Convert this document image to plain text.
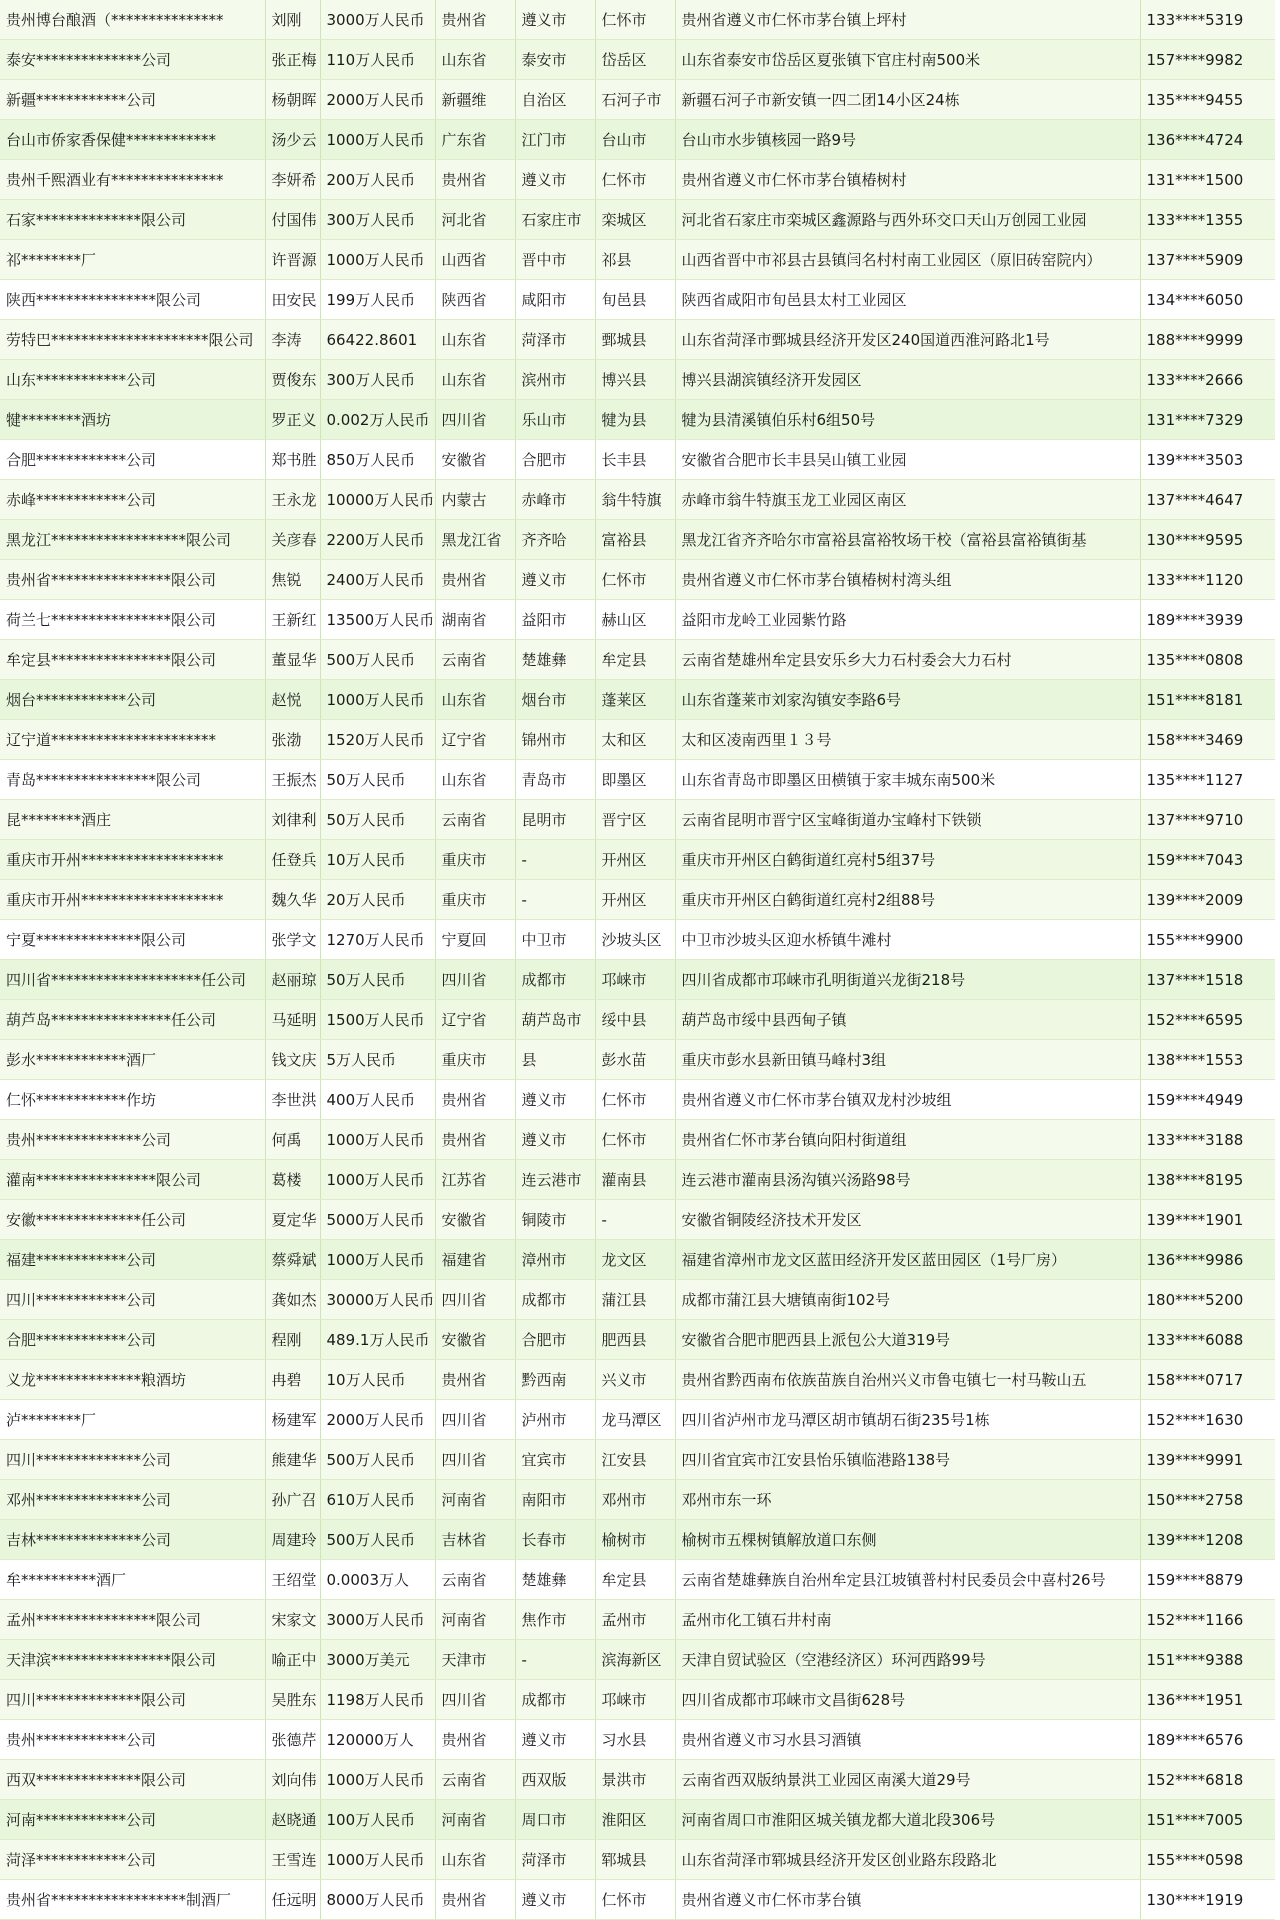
贵州博台酿酒（***************	刘刚	3000万人民币	贵州省	遵义市	仁怀市	贵州省遵义市仁怀市茅台镇上坪村	133****5319
泰安**************公司	张正梅	110万人民币	山东省	泰安市	岱岳区	山东省泰安市岱岳区夏张镇下官庄村南500米	157****9982
新疆************公司	杨朝晖	2000万人民币	新疆维	自治区	石河子市	新疆石河子市新安镇一四二团14小区24栋	135****9455
台山市侨家香保健************	汤少云	1000万人民币	广东省	江门市	台山市	台山市水步镇核园一路9号	136****4724
贵州千熙酒业有***************	李妍希	200万人民币	贵州省	遵义市	仁怀市	贵州省遵义市仁怀市茅台镇椿树村	131****1500
石家**************限公司	付国伟	300万人民币	河北省	石家庄市	栾城区	河北省石家庄市栾城区鑫源路与西外环交口天山万创园工业园	133****1355
祁********厂	许晋源	1000万人民币	山西省	晋中市	祁县	山西省晋中市祁县古县镇闫名村村南工业园区（原旧砖窑院内）	137****5909
陕西****************限公司	田安民	199万人民币	陕西省	咸阳市	旬邑县	陕西省咸阳市旬邑县太村工业园区	134****6050
劳特巴*********************限公司	李涛	66422.8601	山东省	菏泽市	鄄城县	山东省菏泽市鄄城县经济开发区240国道西淮河路北1号	188****9999
山东************公司	贾俊东	300万人民币	山东省	滨州市	博兴县	博兴县湖滨镇经济开发园区	133****2666
犍********酒坊	罗正义	0.002万人民币	四川省	乐山市	犍为县	犍为县清溪镇伯乐村6组50号	131****7329
合肥************公司	郑书胜	850万人民币	安徽省	合肥市	长丰县	安徽省合肥市长丰县吴山镇工业园	139****3503
赤峰************公司	王永龙	10000万人民币	内蒙古	赤峰市	翁牛特旗	赤峰市翁牛特旗玉龙工业园区南区	137****4647
黑龙江******************限公司	关彦春	2200万人民币	黑龙江省	齐齐哈	富裕县	黑龙江省齐齐哈尔市富裕县富裕牧场干校（富裕县富裕镇街基	130****9595
贵州省****************限公司	焦锐	2400万人民币	贵州省	遵义市	仁怀市	贵州省遵义市仁怀市茅台镇椿树村湾头组	133****1120
荷兰七****************限公司	王新红	13500万人民币	湖南省	益阳市	赫山区	益阳市龙岭工业园紫竹路	189****3939
牟定县****************限公司	董显华	500万人民币	云南省	楚雄彝	牟定县	云南省楚雄州牟定县安乐乡大力石村委会大力石村	135****0808
烟台************公司	赵悦	1000万人民币	山东省	烟台市	蓬莱区	山东省蓬莱市刘家沟镇安李路6号	151****8181
辽宁道**********************	张渤	1520万人民币	辽宁省	锦州市	太和区	太和区凌南西里１３号	158****3469
青岛****************限公司	王振杰	50万人民币	山东省	青岛市	即墨区	山东省青岛市即墨区田横镇于家丰城东南500米	135****1127
昆********酒庄	刘律利	50万人民币	云南省	昆明市	晋宁区	云南省昆明市晋宁区宝峰街道办宝峰村下铁锁	137****9710
重庆市开州*******************	任登兵	10万人民币	重庆市	-	开州区	重庆市开州区白鹤街道红亮村5组37号	159****7043
重庆市开州*******************	魏久华	20万人民币	重庆市	-	开州区	重庆市开州区白鹤街道红亮村2组88号	139****2009
宁夏**************限公司	张学文	1270万人民币	宁夏回	中卫市	沙坡头区	中卫市沙坡头区迎水桥镇牛滩村	155****9900
四川省********************任公司	赵丽琼	50万人民币	四川省	成都市	邛崃市	四川省成都市邛崃市孔明街道兴龙街218号	137****1518
葫芦岛****************任公司	马延明	1500万人民币	辽宁省	葫芦岛市	绥中县	葫芦岛市绥中县西甸子镇	152****6595
彭水************酒厂	钱文庆	5万人民币	重庆市	县	彭水苗	重庆市彭水县新田镇马峰村3组	138****1553
仁怀************作坊	李世洪	400万人民币	贵州省	遵义市	仁怀市	贵州省遵义市仁怀市茅台镇双龙村沙坡组	159****4949
贵州**************公司	何禹	1000万人民币	贵州省	遵义市	仁怀市	贵州省仁怀市茅台镇向阳村街道组	133****3188
灌南****************限公司	葛楼	1000万人民币	江苏省	连云港市	灌南县	连云港市灌南县汤沟镇兴汤路98号	138****8195
安徽**************任公司	夏定华	5000万人民币	安徽省	铜陵市	-	安徽省铜陵经济技术开发区	139****1901
福建************公司	蔡舜斌	1000万人民币	福建省	漳州市	龙文区	福建省漳州市龙文区蓝田经济开发区蓝田园区（1号厂房）	136****9986
四川************公司	龚如杰	30000万人民币	四川省	成都市	蒲江县	成都市蒲江县大塘镇南街102号	180****5200
合肥************公司	程刚	489.1万人民币	安徽省	合肥市	肥西县	安徽省合肥市肥西县上派包公大道319号	133****6088
义龙**************粮酒坊	冉碧	10万人民币	贵州省	黔西南	兴义市	贵州省黔西南布依族苗族自治州兴义市鲁屯镇七一村马鞍山五	158****0717
泸********厂	杨建军	2000万人民币	四川省	泸州市	龙马潭区	四川省泸州市龙马潭区胡市镇胡石街235号1栋	152****1630
四川**************公司	熊建华	500万人民币	四川省	宜宾市	江安县	四川省宜宾市江安县怡乐镇临港路138号	139****9991
邓州**************公司	孙广召	610万人民币	河南省	南阳市	邓州市	邓州市东一环	150****2758
吉林**************公司	周建玲	500万人民币	吉林省	长春市	榆树市	榆树市五棵树镇解放道口东侧	139****1208
牟**********酒厂	王绍堂	0.0003万人	云南省	楚雄彝	牟定县	云南省楚雄彝族自治州牟定县江坡镇普村村民委员会中喜村26号	159****8879
孟州****************限公司	宋家文	3000万人民币	河南省	焦作市	孟州市	孟州市化工镇石井村南	152****1166
天津滨****************限公司	喻正中	3000万美元	天津市	-	滨海新区	天津自贸试验区（空港经济区）环河西路99号	151****9388
四川**************限公司	吴胜东	1198万人民币	四川省	成都市	邛崃市	四川省成都市邛崃市文昌街628号	136****1951
贵州************公司	张德芹	120000万人	贵州省	遵义市	习水县	贵州省遵义市习水县习酒镇	189****6576
西双**************限公司	刘向伟	1000万人民币	云南省	西双版	景洪市	云南省西双版纳景洪工业园区南溪大道29号	152****6818
河南************公司	赵晓通	100万人民币	河南省	周口市	淮阳区	河南省周口市淮阳区城关镇龙都大道北段306号	151****7005
菏泽************公司	王雪连	1000万人民币	山东省	菏泽市	郓城县	山东省菏泽市郓城县经济开发区创业路东段路北	155****0598
贵州省******************制酒厂	任远明	8000万人民币	贵州省	遵义市	仁怀市	贵州省遵义市仁怀市茅台镇	130****1919
